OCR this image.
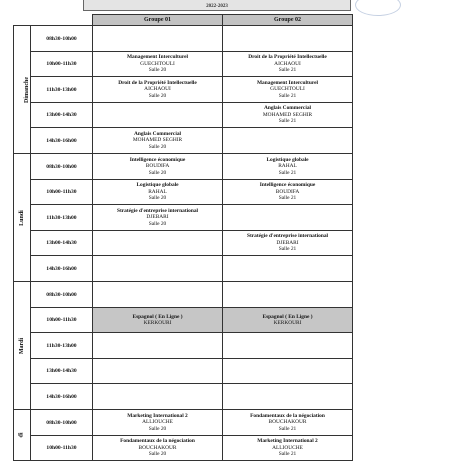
2022-2023
		Groupe 01	Groupe 02
Dimanche	08h30-10h00		
	10h00-11h30	Management Interculturel
GUECHTOULI
Salle 20	Droit de la Propriété Intellectuelle
AICHAOUI
Salle 21

	11h30-13h00	Droit de la Propriété Intellectuelle
AICHAOUI
Salle 20	Management Interculturel
GUECHTOULI
Salle 21

	13h00-14h30		Anglais Commercial
MOHAMED SEGHIR
Salle 21

	14h30-16h00	Anglais Commercial
MOHAMED SEGHIR
Salle 20	

Lundi	08h30-10h00	Intelligence économique
BOUDIFA
Salle 20	Logistique globale
RAHAL
Salle 21

	10h00-11h30	Logistique globale
RAHAL
Salle 20	Intelligence économique
BOUDIFA
Salle 21

	11h30-13h00	Stratégie d'entreprise international
DJEBARI
Salle 20	

	13h00-14h30		Stratégie d'entreprise international
DJEBARI
Salle 21

	14h30-16h00		
Mardi	08h30-10h00		
	10h00-11h30	Espagnol ( En Ligne )
KERKOURI	Espagnol ( En Ligne )
KERKOURI

	11h30-13h00		
	13h00-14h30		
	14h30-16h00		
di	08h30-10h00	Marketing International 2
ALLIOUCHE
Salle 20	Fondamentaux de la négociation
BOUCHAKOUR
Salle 21

	10h00-11h30	Fondamentaux de la négociation
BOUCHAKOUR
Salle 20	Marketing International 2
ALLIOUCHE
Salle 21
